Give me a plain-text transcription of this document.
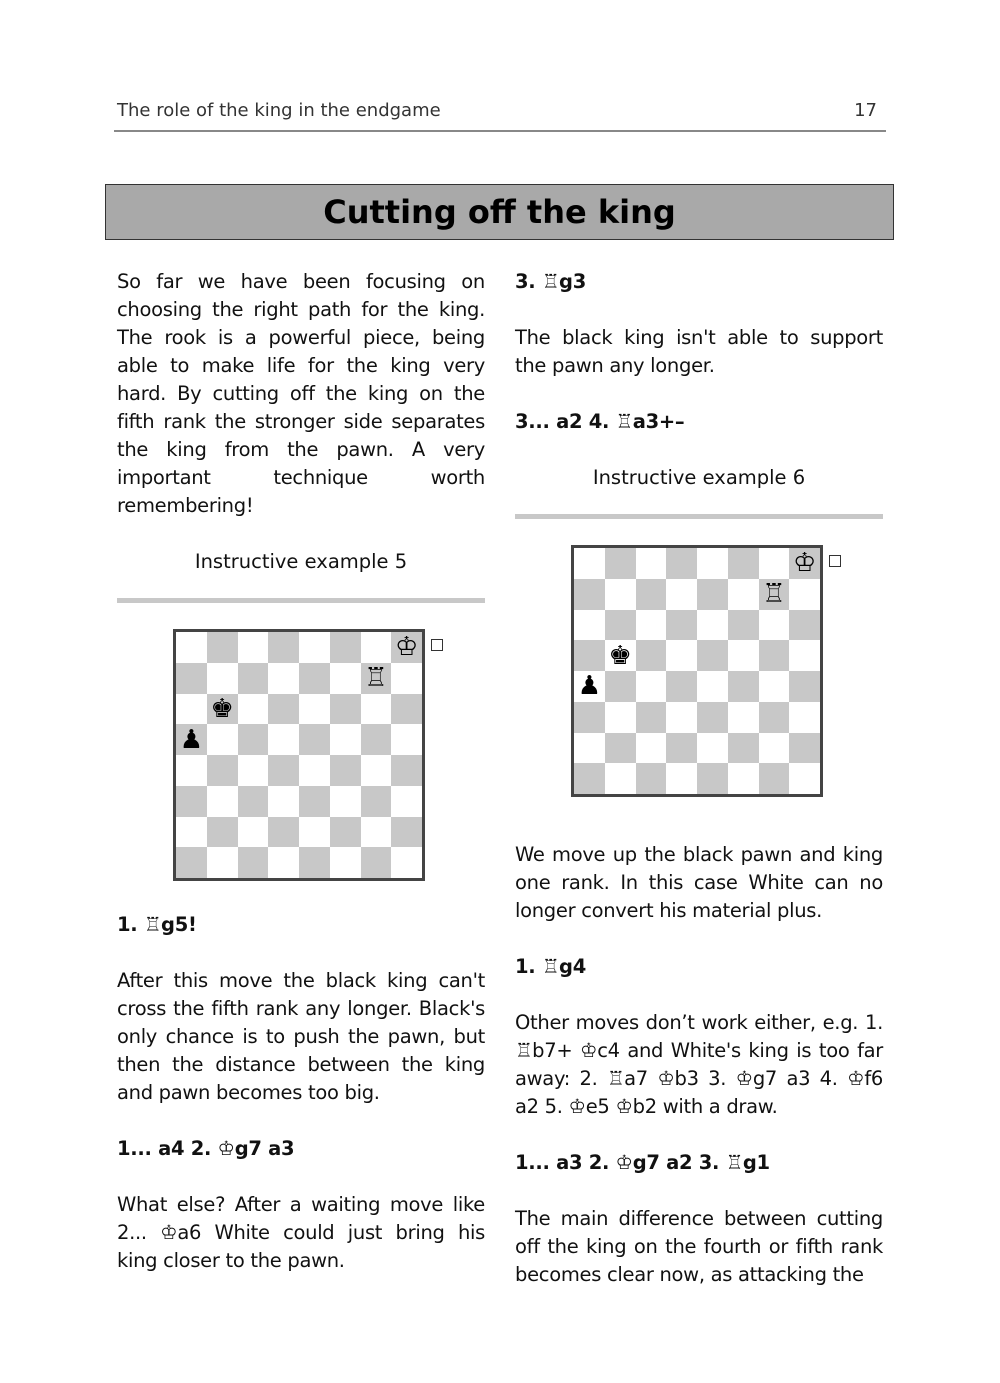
The role of the king in the endgame	17
Cutting off the king

So far we have been focusing on choosing the right path for the king. The rook is a powerful piece, being able to make life for the king very hard. By cutting off the king on the fifth rank the stronger side separates the king from the pawn. A very important technique worth remembering!

Instructive example 5

♔
♖
♚
♟

1. ♖g5!

After this move the black king can't cross the fifth rank any longer. Black's only chance is to push the pawn, but then the distance between the king and pawn becomes too big.

1... a4 2. ♔g7 a3

What else? After a waiting move like 2... ♔a6 White could just bring his king closer to the pawn.

3. ♖g3

The black king isn't able to support the pawn any longer.

3... a2 4. ♖a3+–

Instructive example 6

♔
♖
♚
♟

We move up the black pawn and king one rank. In this case White can no longer convert his material plus.

1. ♖g4

Other moves don’t work either, e.g. 1. ♖b7+ ♔c4 and White's king is too far away: 2. ♖a7 ♔b3 3. ♔g7 a3 4. ♔f6 a2 5. ♔e5 ♔b2 with a draw.

1... a3 2. ♔g7 a2 3. ♖g1

The main difference between cutting off the king on the fourth or fifth rank becomes clear now, as attacking the
